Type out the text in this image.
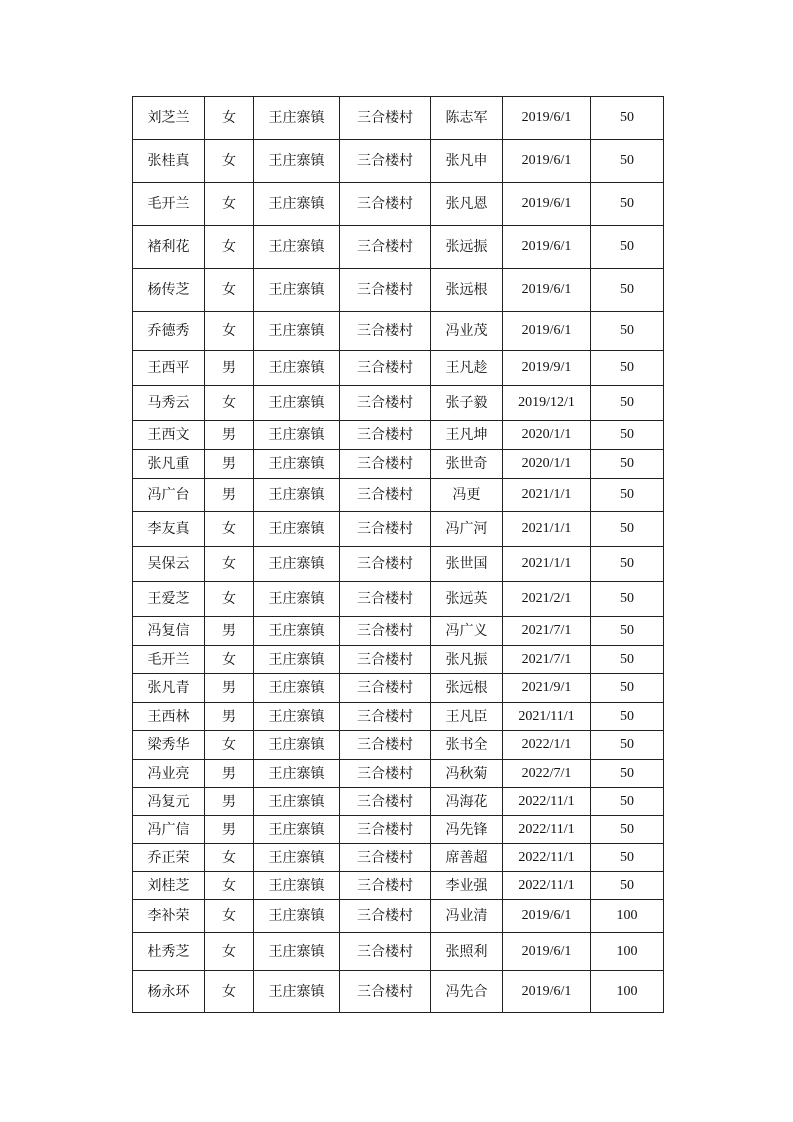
刘芝兰	女	王庄寨镇	三合楼村	陈志军	2019/6/1	50
张桂真	女	王庄寨镇	三合楼村	张凡申	2019/6/1	50
毛开兰	女	王庄寨镇	三合楼村	张凡恩	2019/6/1	50
褚利花	女	王庄寨镇	三合楼村	张远振	2019/6/1	50
杨传芝	女	王庄寨镇	三合楼村	张远根	2019/6/1	50
乔德秀	女	王庄寨镇	三合楼村	冯业茂	2019/6/1	50
王西平	男	王庄寨镇	三合楼村	王凡趁	2019/9/1	50
马秀云	女	王庄寨镇	三合楼村	张子毅	2019/12/1	50
王西文	男	王庄寨镇	三合楼村	王凡坤	2020/1/1	50
张凡重	男	王庄寨镇	三合楼村	张世奇	2020/1/1	50
冯广台	男	王庄寨镇	三合楼村	冯更	2021/1/1	50
李友真	女	王庄寨镇	三合楼村	冯广河	2021/1/1	50
吴保云	女	王庄寨镇	三合楼村	张世国	2021/1/1	50
王爱芝	女	王庄寨镇	三合楼村	张远英	2021/2/1	50
冯复信	男	王庄寨镇	三合楼村	冯广义	2021/7/1	50
毛开兰	女	王庄寨镇	三合楼村	张凡振	2021/7/1	50
张凡青	男	王庄寨镇	三合楼村	张远根	2021/9/1	50
王西林	男	王庄寨镇	三合楼村	王凡臣	2021/11/1	50
梁秀华	女	王庄寨镇	三合楼村	张书全	2022/1/1	50
冯业亮	男	王庄寨镇	三合楼村	冯秋菊	2022/7/1	50
冯复元	男	王庄寨镇	三合楼村	冯海花	2022/11/1	50
冯广信	男	王庄寨镇	三合楼村	冯先锋	2022/11/1	50
乔正荣	女	王庄寨镇	三合楼村	席善超	2022/11/1	50
刘桂芝	女	王庄寨镇	三合楼村	李业强	2022/11/1	50
李补荣	女	王庄寨镇	三合楼村	冯业清	2019/6/1	100
杜秀芝	女	王庄寨镇	三合楼村	张照利	2019/6/1	100
杨永环	女	王庄寨镇	三合楼村	冯先合	2019/6/1	100
